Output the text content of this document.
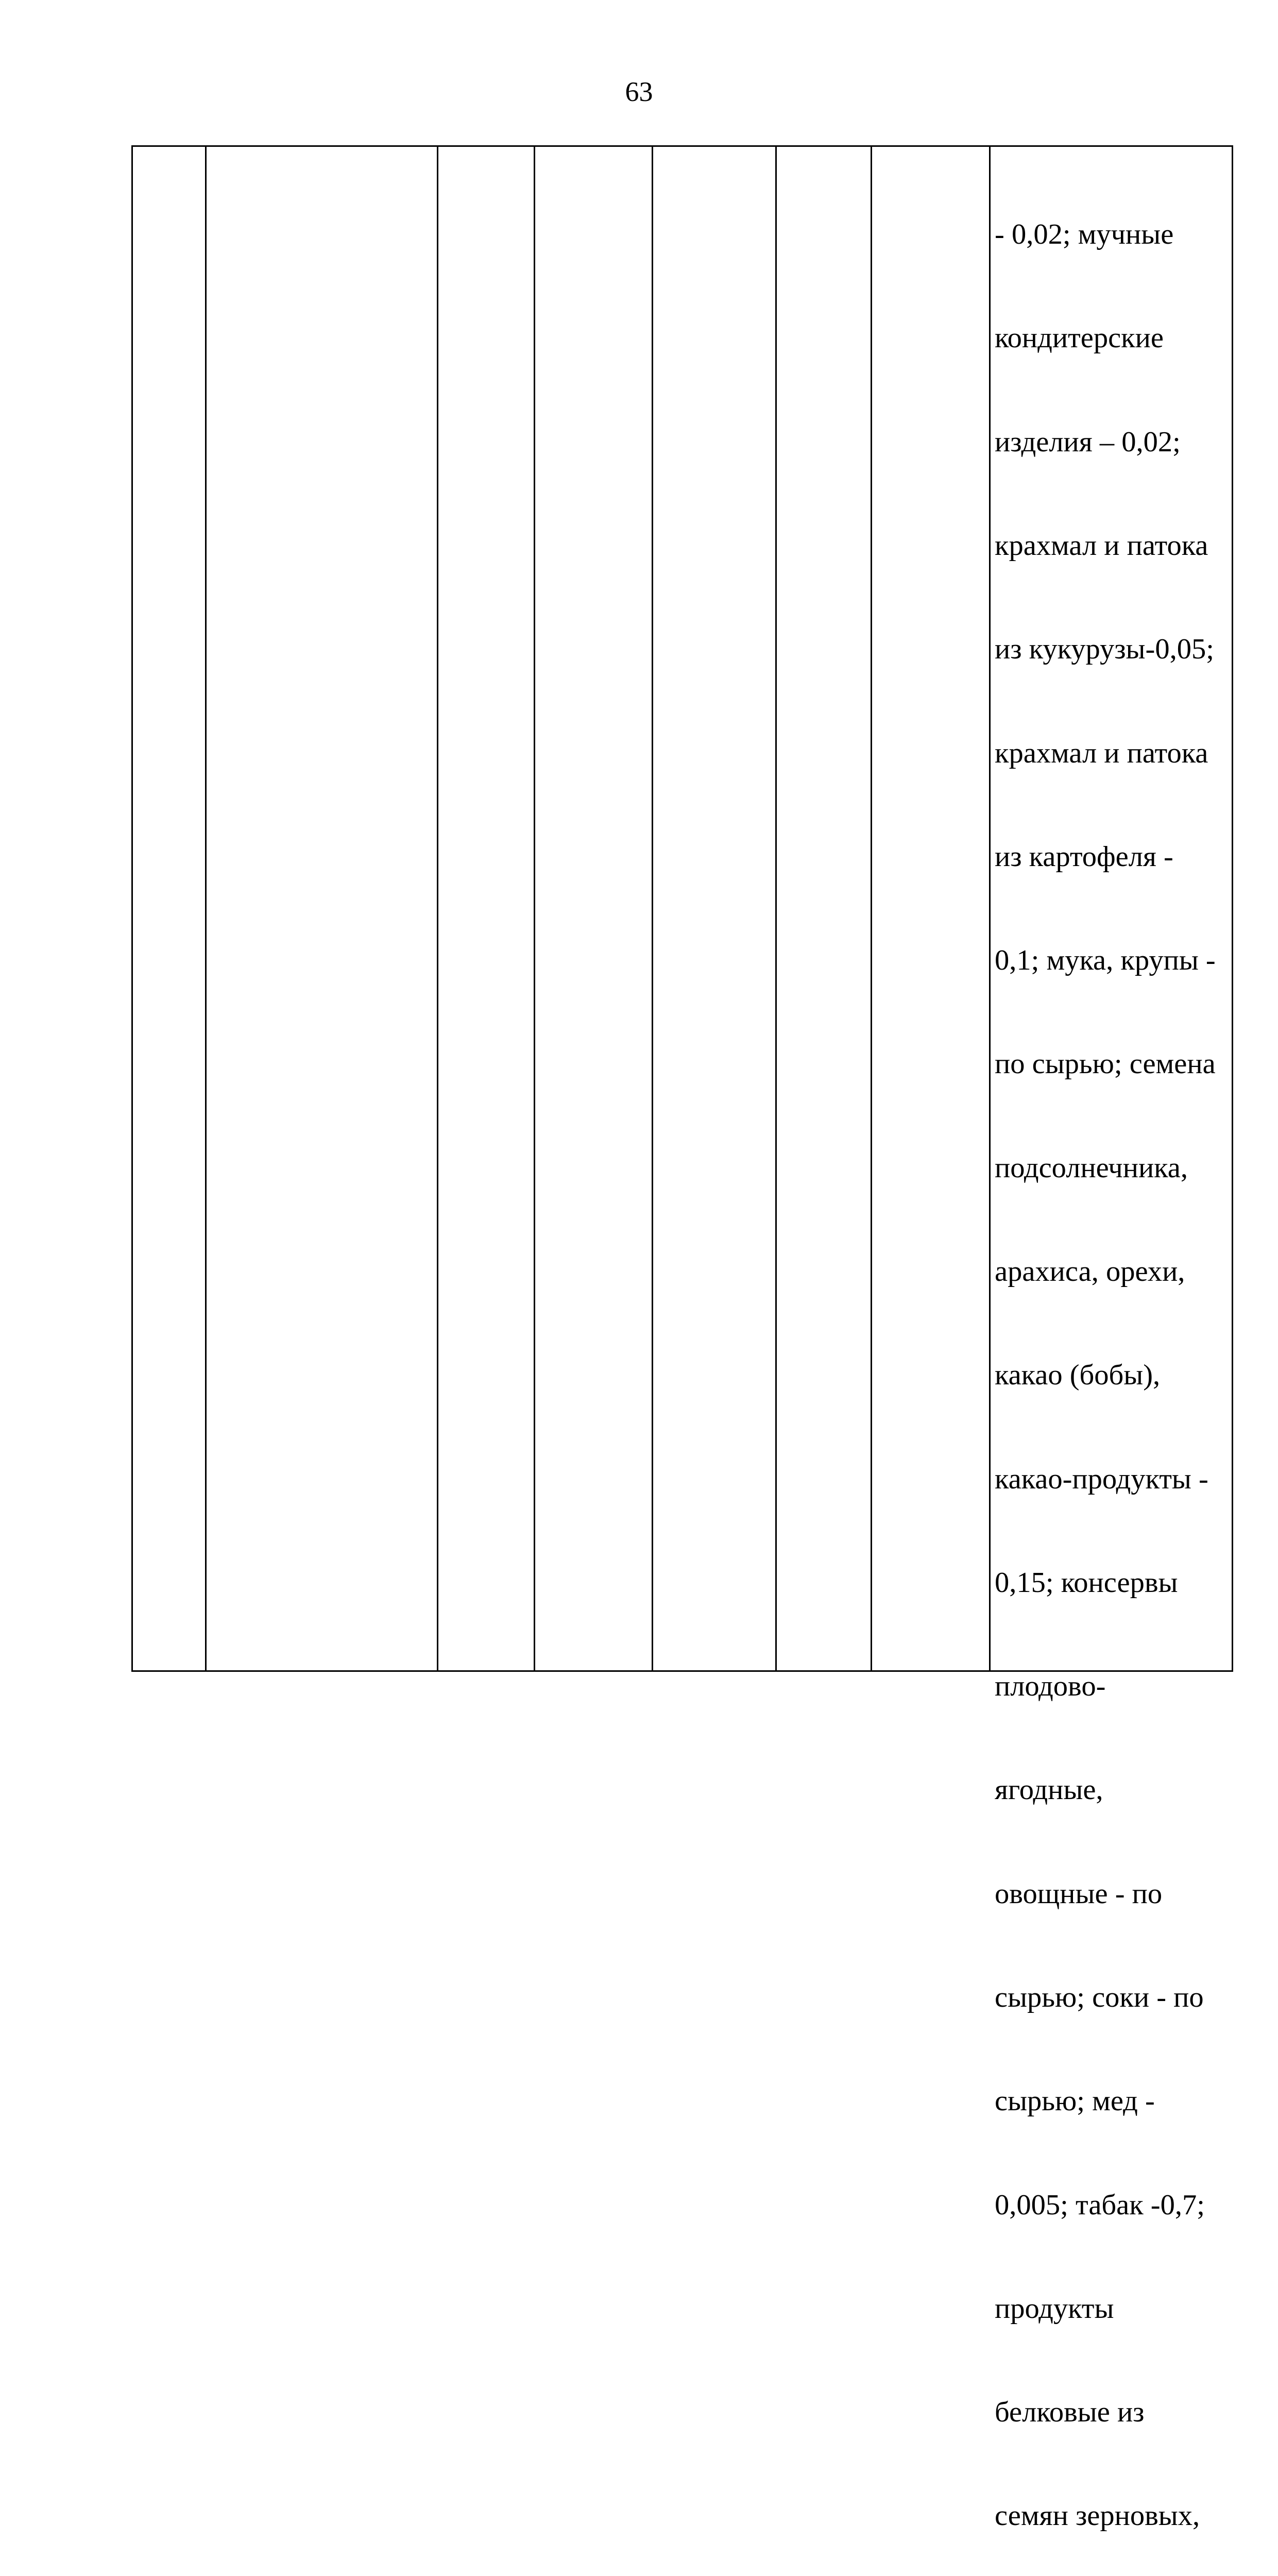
63

- 0,02; мучные

кондитерские

изделия – 0,02;

крахмал и патока

из кукурузы-0,05;

крахмал и патока

из картофеля -

0,1; мука, крупы -

по сырью; семена

подсолнечника,

арахиса, орехи,

какао (бобы),

какао-продукты -

0,15; консервы

плодово-

ягодные,

овощные - по

сырью; соки - по

сырью; мед -

0,005; табак -0,7;

продукты

белковые из

семян зерновых,
